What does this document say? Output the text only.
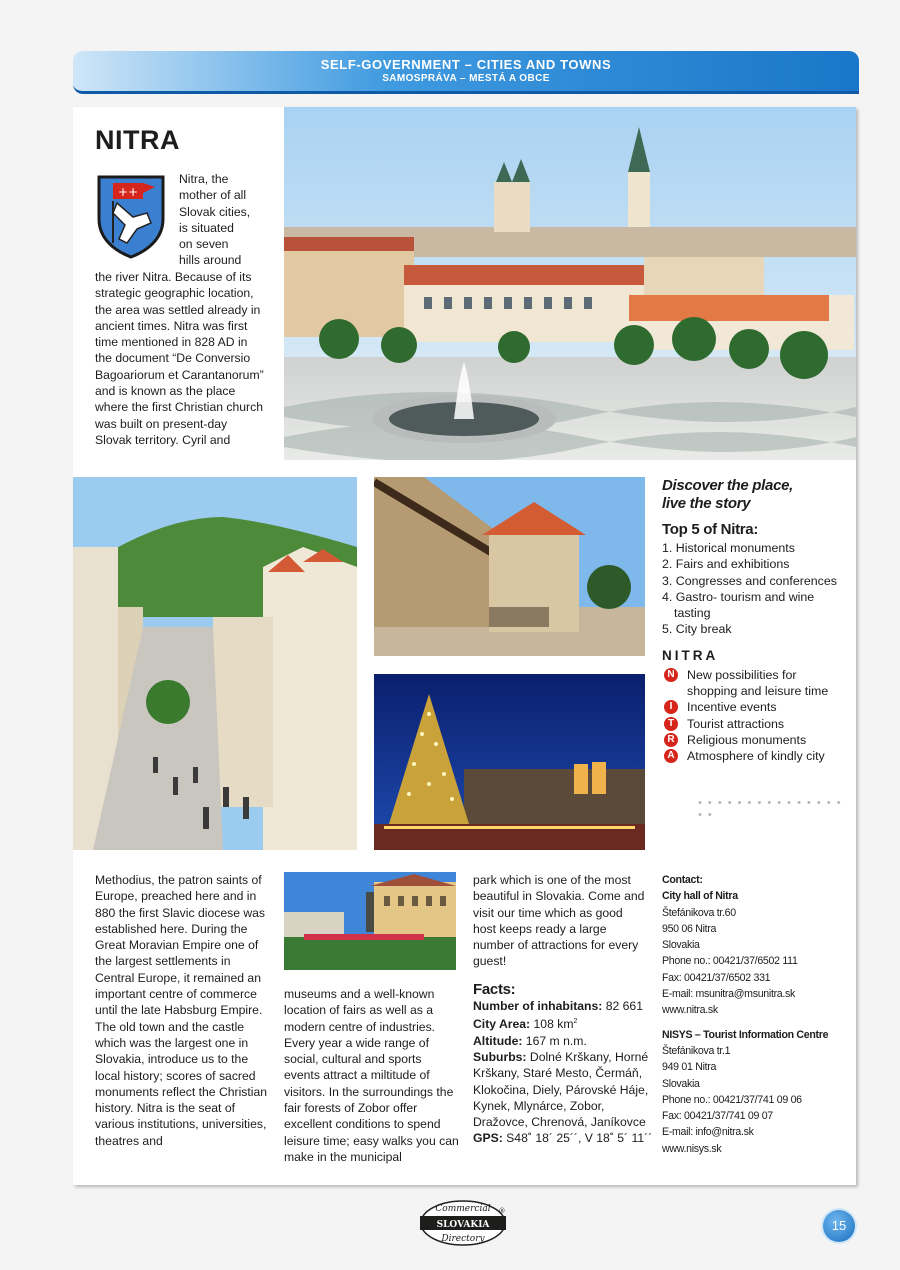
SELF-GOVERNMENT – CITIES AND TOWNS
SAMOSPRÁVA – MESTÁ A OBCE
NITRA
++
Nitra, the
mother of all
Slovak cities,
is situated
on seven
hills around
the river Nitra. Because of its strategic geographic location, the area was settled already in ancient times. Nitra was first time mentioned in 828 AD in the document “De Conversio Bagoariorum et Carantanorum” and is known as the place where the first Christian church was built on present-day Slovak territory. Cyril and
Discover the place,
live the story
Top 5 of Nitra:
1. Historical monuments
2. Fairs and exhibitions
3. Congresses and conferences
4. Gastro- tourism and wine tasting
5. City break
NITRA
N New possibilities for shopping and leisure time
I	Incentive events
T	Tourist attractions
R Religious monuments
A Atmosphere of kindly city
• • • • • • • • • • • • • • • • •
Methodius, the patron saints of Europe, preached here and in 880 the first Slavic diocese was established here. During the Great Moravian Empire one of the largest settlements in Central Europe, it remained an important centre of commerce until the late Habsburg Empire. The old town and the castle which was the largest one in Slovakia, introduce us to the local history; scores of sacred monuments reflect the Christian history. Nitra is the seat of various institutions, universities, theatres and
museums and a well-known location of fairs as well as a modern centre of industries. Every year a wide range of social, cultural and sports events attract a miltitude of visitors. In the surroundings the fair forests of Zobor offer excellent conditions to spend leisure time; easy walks you can make in the municipal
park which is one of the most beautiful in Slovakia. Come and visit our time which as good host keeps ready a large number of attractions for every guest!
Facts:
Number of inhabitans: 82 661
City Area: 108 $km^2$
Altitude: 167 m n.m.
Suburbs: Dolné Krškany, Horné Krškany, Staré Mesto, Čermáň, Klokočina, Diely, Párovské Háje, Kynek, Mlynárce, Zobor, Dražovce, Chrenová, Janíkovce
GPS: S48˚ 18´ 25´´, V 18˚ 5´ 11´´
Contact:
City hall of Nitra
Štefánikova tr.60
950 06 Nitra
Slovakia
Phone no.: 00421/37/6502 111
Fax: 00421/37/6502 331
E-mail: msunitra@msunitra.sk
www.nitra.sk
NISYS – Tourist Information Centre
Štefánikova tr.1
949 01 Nitra
Slovakia
Phone no.: 00421/37/741 09 06
Fax: 00421/37/741 09 07
E-mail: info@nitra.sk
www.nisys.sk
Commercial
SLOVAKIA
Directory
®
15
